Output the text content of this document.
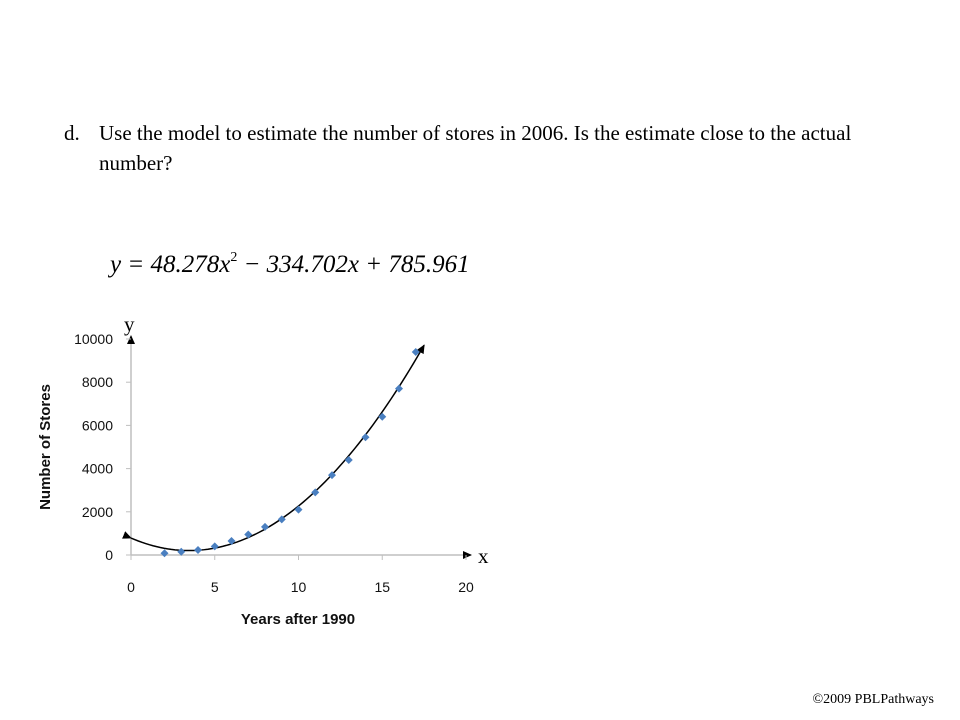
d. Use the model to estimate the number of stores in 2006. Is the estimate close to the actual number?
$y = 48.278x^2 - 334.702x + 785.961$
0	5	10	15	20
0
2000
4000
6000
8000
10000
Years after 1990
Number of Stores
y
x
©2009 PBLPathways
